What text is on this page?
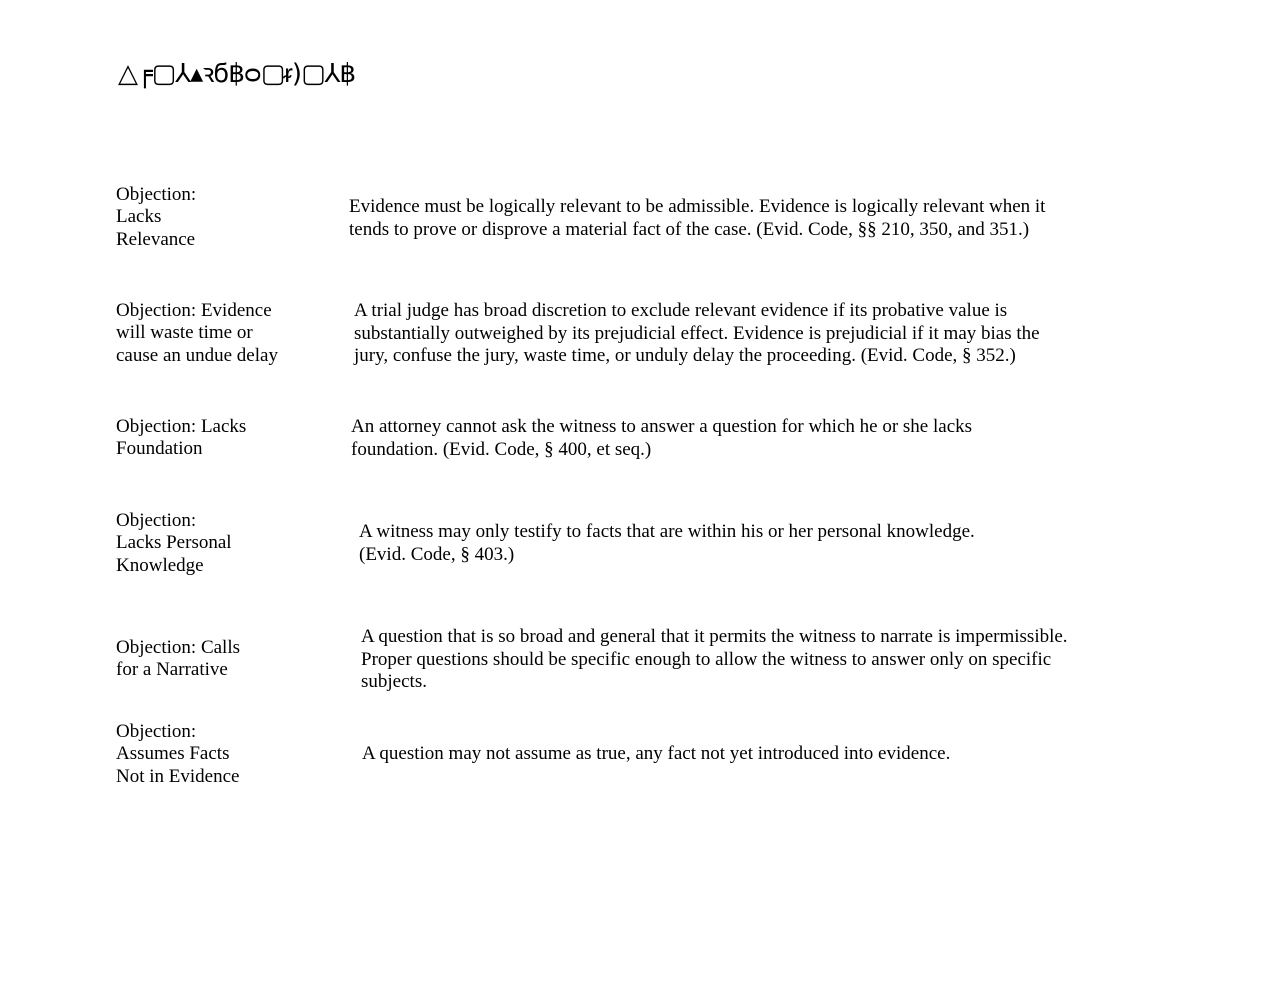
△╒▢⅄▴ꝛϭ฿ᴑ▢ᵲ)▢⅄฿
Objection:
Lacks
Relevance
Evidence must be logically relevant to be admissible. Evidence is logically relevant when it
tends to prove or disprove a material fact of the case. (Evid. Code, §§ 210, 350, and 351.)
Objection: Evidence
will waste time or
cause an undue delay
A trial judge has broad discretion to exclude relevant evidence if its probative value is
substantially outweighed by its prejudicial effect. Evidence is prejudicial if it may bias the
jury, confuse the jury, waste time, or unduly delay the proceeding. (Evid. Code, § 352.)
Objection: Lacks
Foundation
An attorney cannot ask the witness to answer a question for which he or she lacks
foundation. (Evid. Code, § 400, et seq.)
Objection:
Lacks Personal
Knowledge
A witness may only testify to facts that are within his or her personal knowledge.
(Evid. Code, § 403.)
Objection: Calls
for a Narrative
A question that is so broad and general that it permits the witness to narrate is impermissible.
Proper questions should be specific enough to allow the witness to answer only on specific
subjects.
Objection:
Assumes Facts
Not in Evidence
A question may not assume as true, any fact not yet introduced into evidence.
